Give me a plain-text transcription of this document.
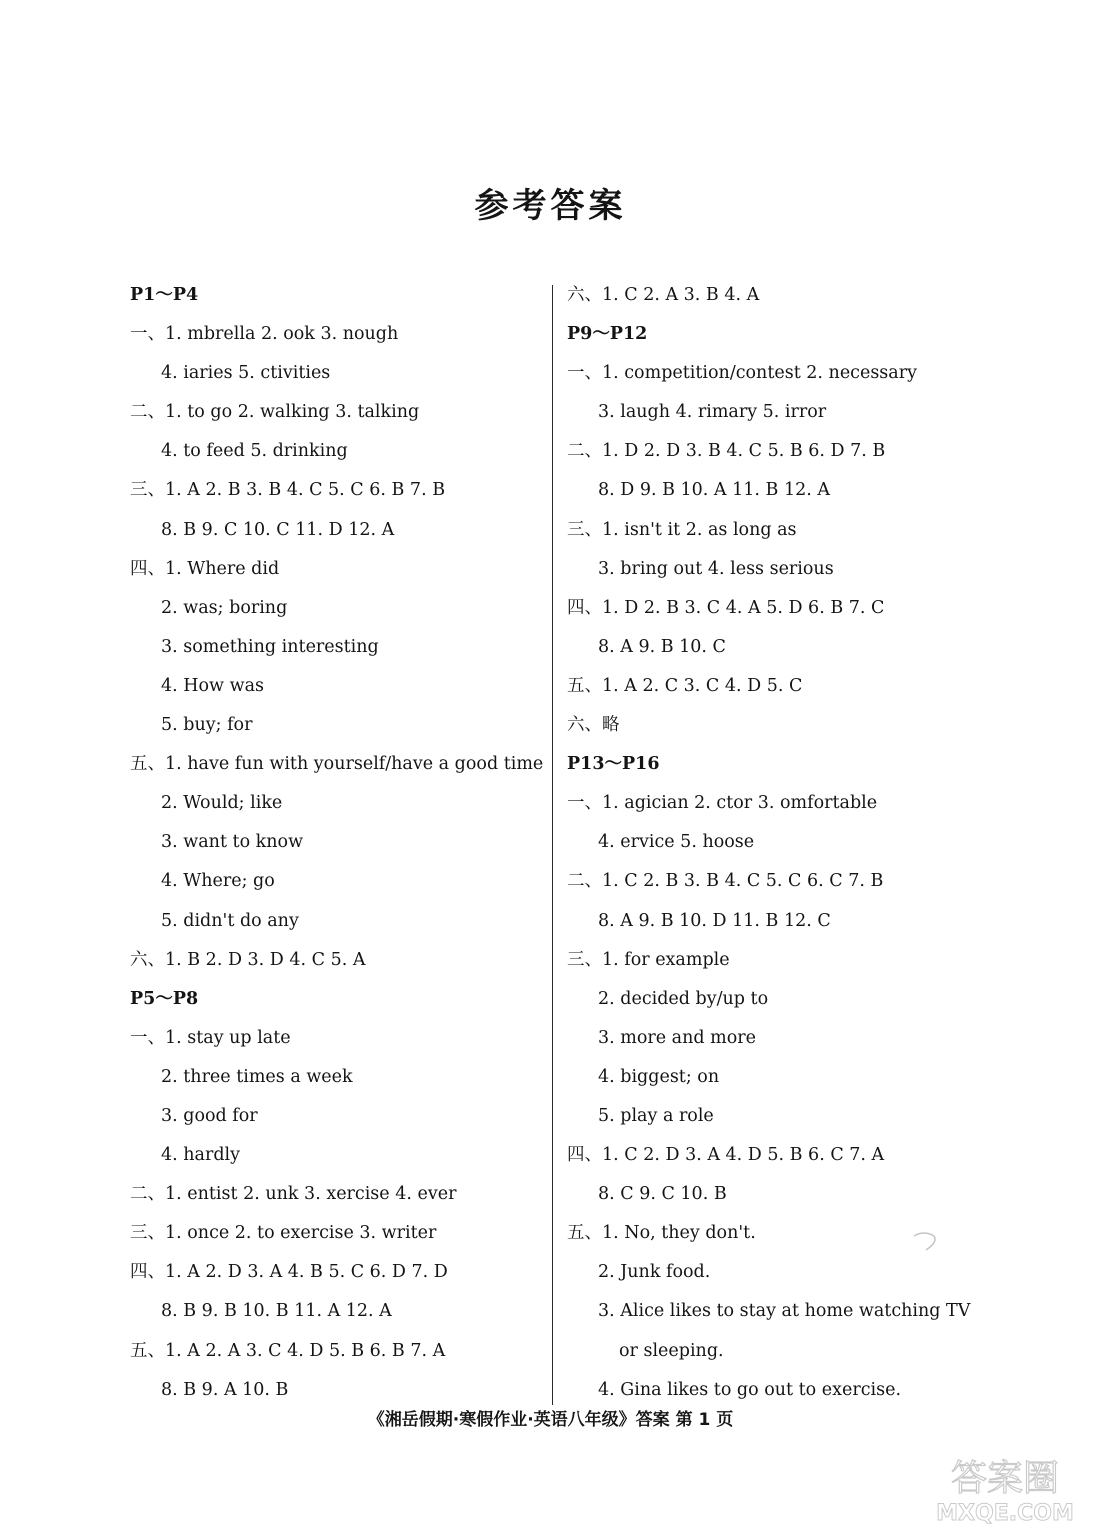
参考答案
P1～P4
一、1. mbrella 2. ook 3. nough
4. iaries 5. ctivities
二、1. to go 2. walking 3. talking
4. to feed 5. drinking
三、1. A 2. B 3. B 4. C 5. C 6. B 7. B
8. B 9. C 10. C 11. D 12. A
四、1. Where did
2. was; boring
3. something interesting
4. How was
5. buy; for
五、1. have fun with yourself/have a good time
2. Would; like
3. want to know
4. Where; go
5. didn't do any
六、1. B 2. D 3. D 4. C 5. A
P5～P8
一、1. stay up late
2. three times a week
3. good for
4. hardly
二、1. entist 2. unk 3. xercise 4. ever
三、1. once 2. to exercise 3. writer
四、1. A 2. D 3. A 4. B 5. C 6. D 7. D
8. B 9. B 10. B 11. A 12. A
五、1. A 2. A 3. C 4. D 5. B 6. B 7. A
8. B 9. A 10. B
六、1. C 2. A 3. B 4. A
P9～P12
一、1. competition/contest 2. necessary
3. laugh 4. rimary 5. irror
二、1. D 2. D 3. B 4. C 5. B 6. D 7. B
8. D 9. B 10. A 11. B 12. A
三、1. isn't it 2. as long as
3. bring out 4. less serious
四、1. D 2. B 3. C 4. A 5. D 6. B 7. C
8. A 9. B 10. C
五、1. A 2. C 3. C 4. D 5. C
六、略
P13～P16
一、1. agician 2. ctor 3. omfortable
4. ervice 5. hoose
二、1. C 2. B 3. B 4. C 5. C 6. C 7. B
8. A 9. B 10. D 11. B 12. C
三、1. for example
2. decided by/up to
3. more and more
4. biggest; on
5. play a role
四、1. C 2. D 3. A 4. D 5. B 6. C 7. A
8. C 9. C 10. B
五、1. No, they don't.
2. Junk food.
3. Alice likes to stay at home watching TV
or sleeping.
4. Gina likes to go out to exercise.
《湘岳假期·寒假作业·英语八年级》答案 第 1 页
答案圈
MXQE.COM
